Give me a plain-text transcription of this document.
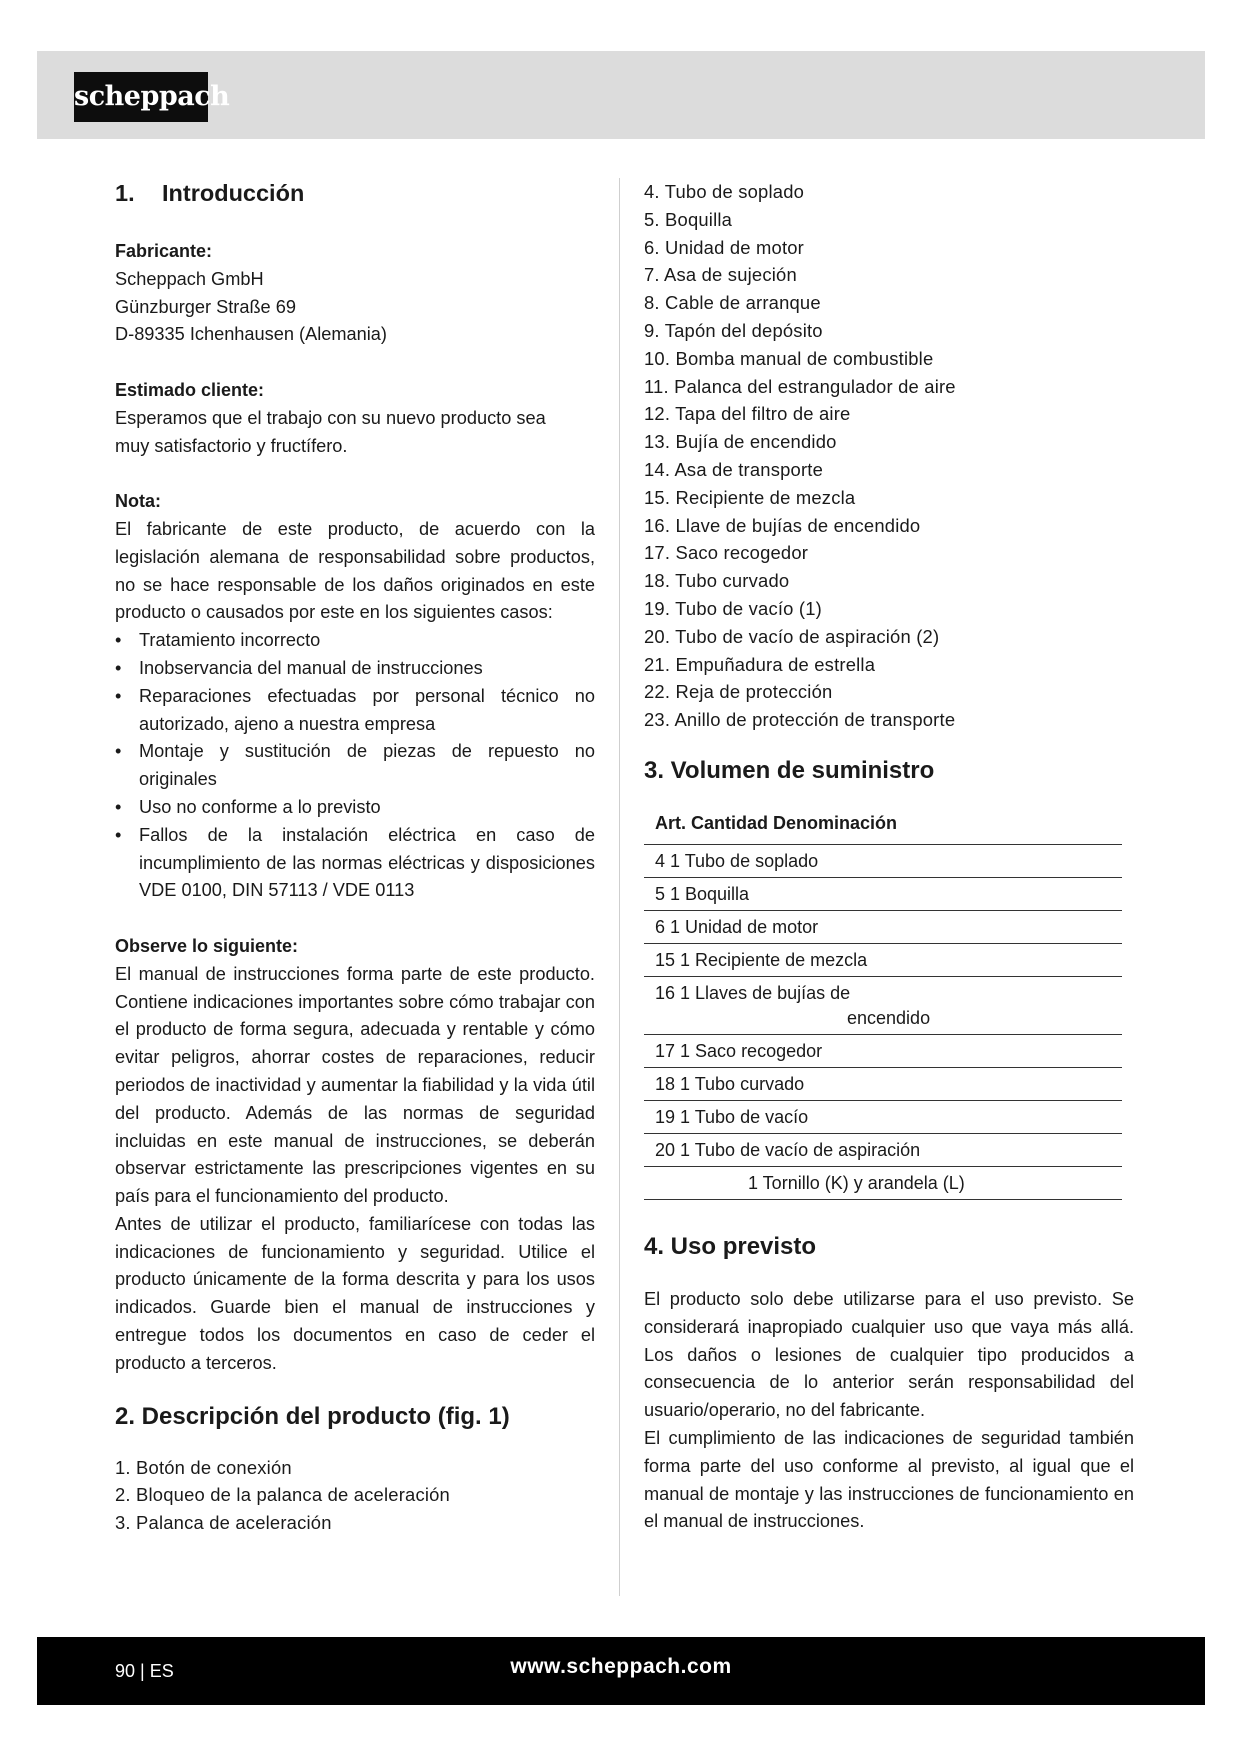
scheppach
1. Introducción

Fabricante:

Scheppach GmbH

Günzburger Straße 69

D-89335 Ichenhausen (Alemania)

Estimado cliente:

Esperamos que el trabajo con su nuevo producto sea muy satisfactorio y fructífero.

Nota:

El fabricante de este producto, de acuerdo con la legislación alemana de responsabilidad sobre productos, no se hace responsable de los daños originados en este producto o causados por este en los siguientes casos:

• Tratamiento incorrecto
• Inobservancia del manual de instrucciones
• Reparaciones efectuadas por personal técnico no autorizado, ajeno a nuestra empresa
• Montaje y sustitución de piezas de repuesto no originales
• Uso no conforme a lo previsto
• Fallos de la instalación eléctrica en caso de incumplimiento de las normas eléctricas y disposiciones VDE 0100, DIN 57113 / VDE 0113

Observe lo siguiente:

El manual de instrucciones forma parte de este producto. Contiene indicaciones importantes sobre cómo trabajar con el producto de forma segura, adecuada y rentable y cómo evitar peligros, ahorrar costes de reparaciones, reducir periodos de inactividad y aumentar la fiabilidad y la vida útil del producto. Además de las normas de seguridad incluidas en este manual de instrucciones, se deberán observar estrictamente las prescripciones vigentes en su país para el funcionamiento del producto.

Antes de utilizar el producto, familiarícese con todas las indicaciones de funcionamiento y seguridad. Utilice el producto únicamente de la forma descrita y para los usos indicados. Guarde bien el manual de instrucciones y entregue todos los documentos en caso de ceder el producto a terceros.

2. Descripción del producto (fig. 1)
1. Botón de conexión
2. Bloqueo de la palanca de aceleración
3. Palanca de aceleración
4. Tubo de soplado
5. Boquilla
6. Unidad de motor
7. Asa de sujeción
8. Cable de arranque
9. Tapón del depósito
10. Bomba manual de combustible
11. Palanca del estrangulador de aire
12. Tapa del filtro de aire
13. Bujía de encendido
14. Asa de transporte
15. Recipiente de mezcla
16. Llave de bujías de encendido
17. Saco recogedor
18. Tubo curvado
19. Tubo de vacío (1)
20. Tubo de vacío de aspiración (2)
21. Empuñadura de estrella
22. Reja de protección
23. Anillo de protección de transporte
3. Volumen de suministro
Art. Cantidad Denominación
4 1 Tubo de soplado
5 1 Boquilla
6 1 Unidad de motor
15 1 Recipiente de mezcla
16 1 Llaves de bujías de
encendido

17 1 Saco recogedor
18 1 Tubo curvado
19 1 Tubo de vacío
20 1 Tubo de vacío de aspiración
1 Tornillo (K) y arandela (L)
4. Uso previsto

El producto solo debe utilizarse para el uso previsto. Se considerará inapropiado cualquier uso que vaya más allá. Los daños o lesiones de cualquier tipo producidos a consecuencia de lo anterior serán responsabilidad del usuario/operario, no del fabricante.

El cumplimiento de las indicaciones de seguridad también forma parte del uso conforme al previsto, al igual que el manual de montaje y las instrucciones de funcionamiento en el manual de instrucciones.

90 | ES	www.scheppach.com
